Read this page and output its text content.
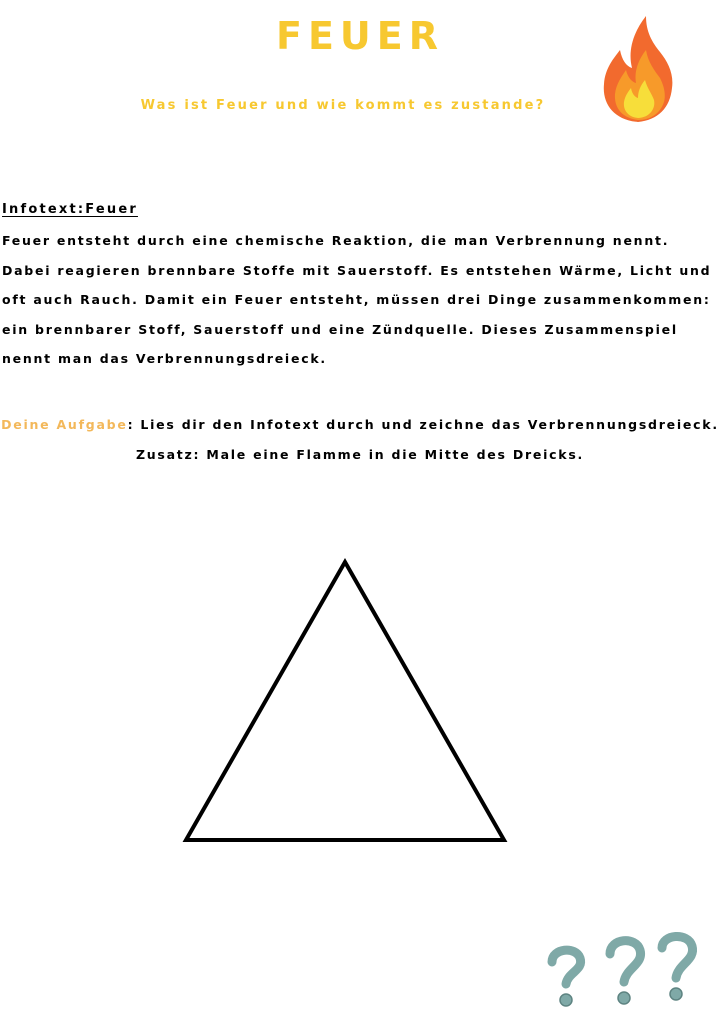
FEUER
Was ist Feuer und wie kommt es zustande?
Infotext:Feuer
Feuer entsteht durch eine chemische Reaktion, die man Verbrennung nennt. Dabei reagieren brennbare Stoffe mit Sauerstoff. Es entstehen Wärme, Licht und oft auch Rauch. Damit ein Feuer entsteht, müssen drei Dinge zusammenkommen: ein brennbarer Stoff, Sauerstoff und eine Zündquelle. Dieses Zusammenspiel nennt man das Verbrennungsdreieck.
Deine Aufgabe: Lies dir den Infotext durch und zeichne das Verbrennungsdreieck. Zusatz: Male eine Flamme in die Mitte des Dreicks.
